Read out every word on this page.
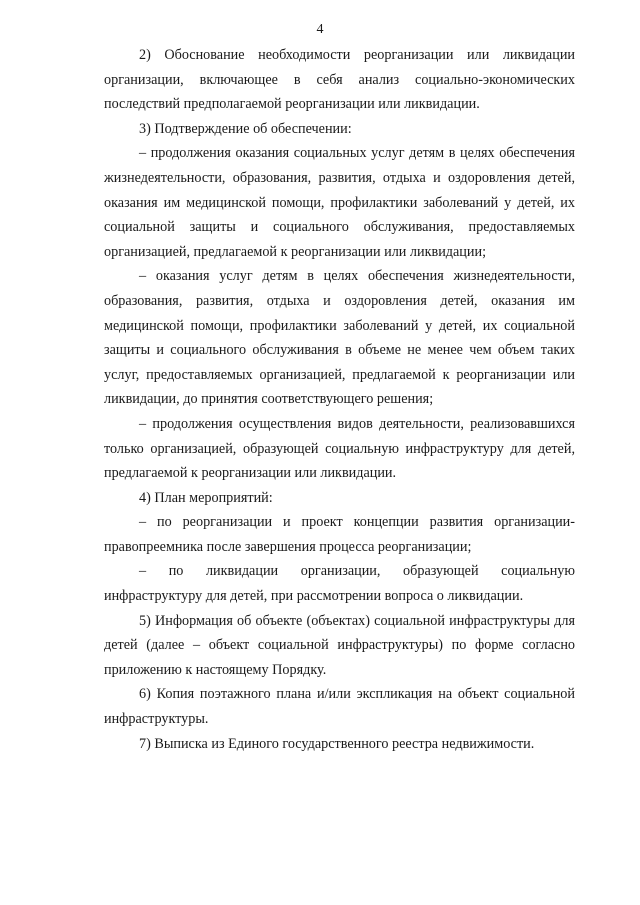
4

2) Обоснование необходимости реорганизации или ликвидации организации, включающее в себя анализ социально-экономических последствий предполагаемой реорганизации или ликвидации.

3) Подтверждение об обеспечении:

– продолжения оказания социальных услуг детям в целях обеспечения жизнедеятельности, образования, развития, отдыха и оздоровления детей, оказания им медицинской помощи, профилактики заболеваний у детей, их социальной защиты и социального обслуживания, предоставляемых организацией, предлагаемой к реорганизации или ликвидации;

– оказания услуг детям в целях обеспечения жизнедеятельности, образования, развития, отдыха и оздоровления детей, оказания им медицинской помощи, профилактики заболеваний у детей, их социальной защиты и социального обслуживания в объеме не менее чем объем таких услуг, предоставляемых организацией, предлагаемой к реорганизации или ликвидации, до принятия соответствующего решения;

– продолжения осуществления видов деятельности, реализовавшихся только организацией, образующей социальную инфраструктуру для детей, предлагаемой к реорганизации или ликвидации.

4) План мероприятий:

– по реорганизации и проект концепции развития организации-правопреемника после завершения процесса реорганизации;

– по ликвидации организации, образующей социальную инфраструктуру для детей, при рассмотрении вопроса о ликвидации.

5) Информация об объекте (объектах) социальной инфраструктуры для детей (далее – объект социальной инфраструктуры) по форме согласно приложению к настоящему Порядку.

6) Копия поэтажного плана и/или экспликация на объект социальной инфраструктуры.

7) Выписка из Единого государственного реестра недвижимости.
